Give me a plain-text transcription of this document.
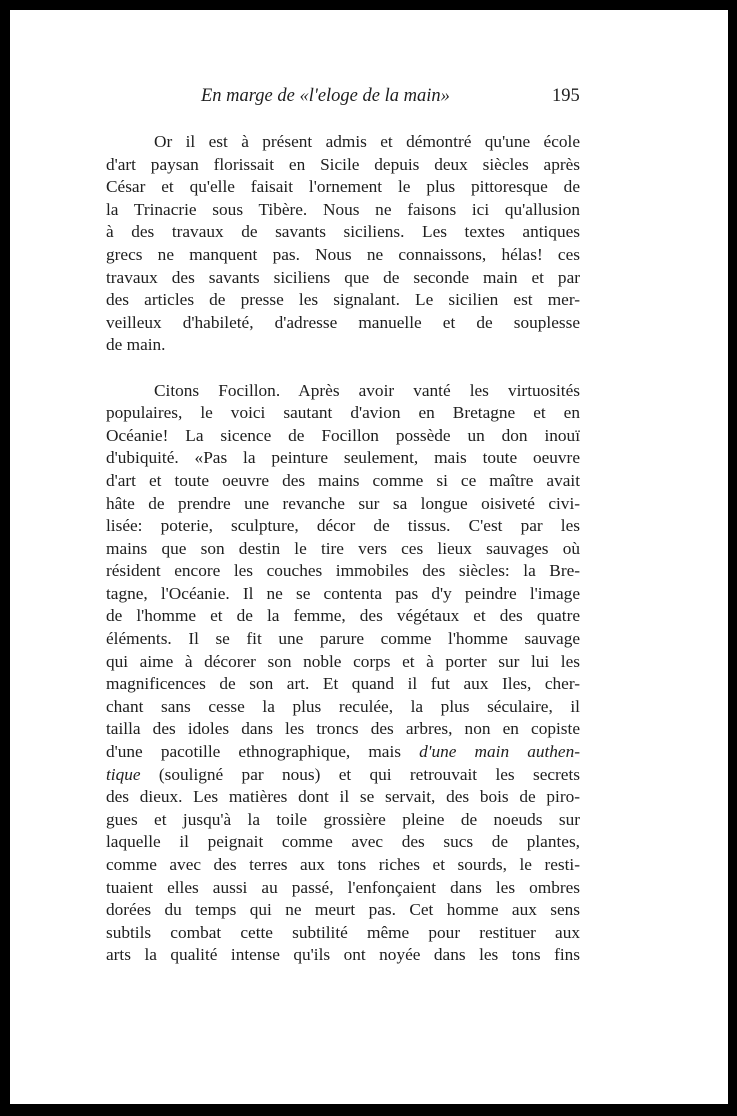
En marge de «l'eloge de la main»	195
Or il est à présent admis et démontré qu'une école
d'art paysan florissait en Sicile depuis deux siècles après
César et qu'elle faisait l'ornement le plus pittoresque de
la Trinacrie sous Tibère. Nous ne faisons ici qu'allusion
à des travaux de savants siciliens. Les textes antiques
grecs ne manquent pas. Nous ne connaissons, hélas! ces
travaux des savants siciliens que de seconde main et par
des articles de presse les signalant. Le sicilien est mer-
veilleux d'habileté, d'adresse manuelle et de souplesse
de main.
Citons Focillon. Après avoir vanté les virtuosités
populaires, le voici sautant d'avion en Bretagne et en
Océanie! La sicence de Focillon possède un don inouï
d'ubiquité. «Pas la peinture seulement, mais toute oeuvre
d'art et toute oeuvre des mains comme si ce maître avait
hâte de prendre une revanche sur sa longue oisiveté civi-
lisée: poterie, sculpture, décor de tissus. C'est par les
mains que son destin le tire vers ces lieux sauvages où
résident encore les couches immobiles des siècles: la Bre-
tagne, l'Océanie. Il ne se contenta pas d'y peindre l'image
de l'homme et de la femme, des végétaux et des quatre
éléments. Il se fit une parure comme l'homme sauvage
qui aime à décorer son noble corps et à porter sur lui les
magnificences de son art. Et quand il fut aux Iles, cher-
chant sans cesse la plus reculée, la plus séculaire, il
tailla des idoles dans les troncs des arbres, non en copiste
d'une pacotille ethnographique, mais d'une main authen-
tique (souligné par nous) et qui retrouvait les secrets
des dieux. Les matières dont il se servait, des bois de piro-
gues et jusqu'à la toile grossière pleine de noeuds sur
laquelle il peignait comme avec des sucs de plantes,
comme avec des terres aux tons riches et sourds, le resti-
tuaient elles aussi au passé, l'enfonçaient dans les ombres
dorées du temps qui ne meurt pas. Cet homme aux sens
subtils combat cette subtilité même pour restituer aux
arts la qualité intense qu'ils ont noyée dans les tons fins
